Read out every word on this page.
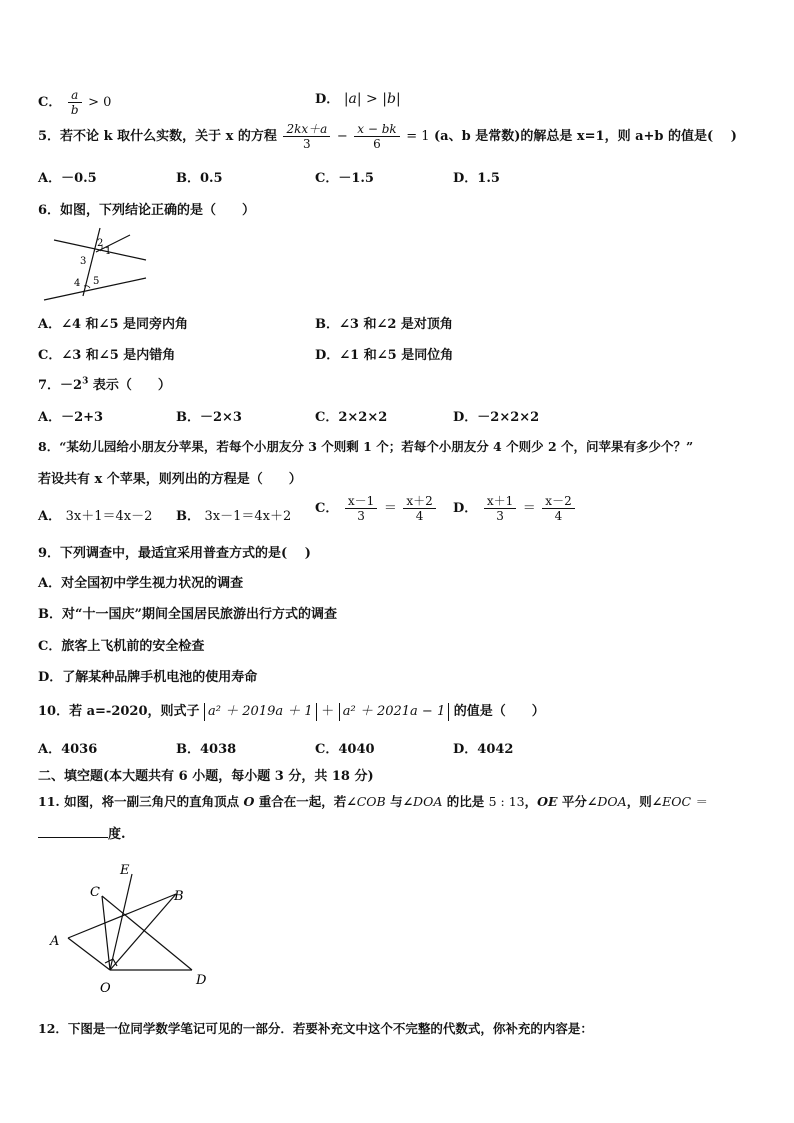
C． $\frac{a}{b} > 0$	D． |a| > |b|
5．若不论 k 取什么实数，关于 x 的方程 $\frac{2kx+a}{3} - \frac{x - bk}{6} = 1$ (a、b 是常数)的解总是 x=1，则 a+b 的值是(　 )
A．－0.5	B．0.5	C．－1.5	D．1.5
6．如图，下列结论正确的是（　　）
1
2
3
4 5
A．∠4 和∠5 是同旁内角	B．∠3 和∠2 是对顶角
C．∠3 和∠5 是内错角	D．∠1 和∠5 是同位角
7．$-2^3$ 表示（　　）
A．－2+3	B．－2×3	C．2×2×2	D．－2×2×2
8．“某幼儿园给小朋友分苹果，若每个小朋友分 3 个则剩 1 个；若每个小朋友分 4 个则少 2 个，问苹果有多少个？”
若设共有 x 个苹果，则列出的方程是（　　）
A． 3x＋1＝4x－2 B． 3x－1＝4x＋2
C． $\frac{x-1}{3} = \frac{x+2}{4}$ D． $\frac{x+1}{3} = \frac{x-2}{4}$
9．下列调查中，最适宜采用普查方式的是(　 )
A．对全国初中学生视力状况的调查
B．对“十一国庆”期间全国居民旅游出行方式的调查
C．旅客上飞机前的安全检查
D．了解某种品牌手机电池的使用寿命
10．若 a=-2020，则式子 a² ＋ 2019a ＋ 1 ＋ a² ＋ 2021a − 1 的值是（　　）
A．4036	B．4038	C．4040	D．4042
二、填空题(本大题共有 6 小题，每小题 3 分，共 18 分)
11. 如图，将一副三角尺的直角顶点 O 重合在一起，若∠COB 与∠DOA 的比是 5 : 13，OE 平分∠DOA，则∠EOC ＝
度.
A
B
C
D
E
O
12．下图是一位同学数学笔记可见的一部分．若要补充文中这个不完整的代数式，你补充的内容是：
